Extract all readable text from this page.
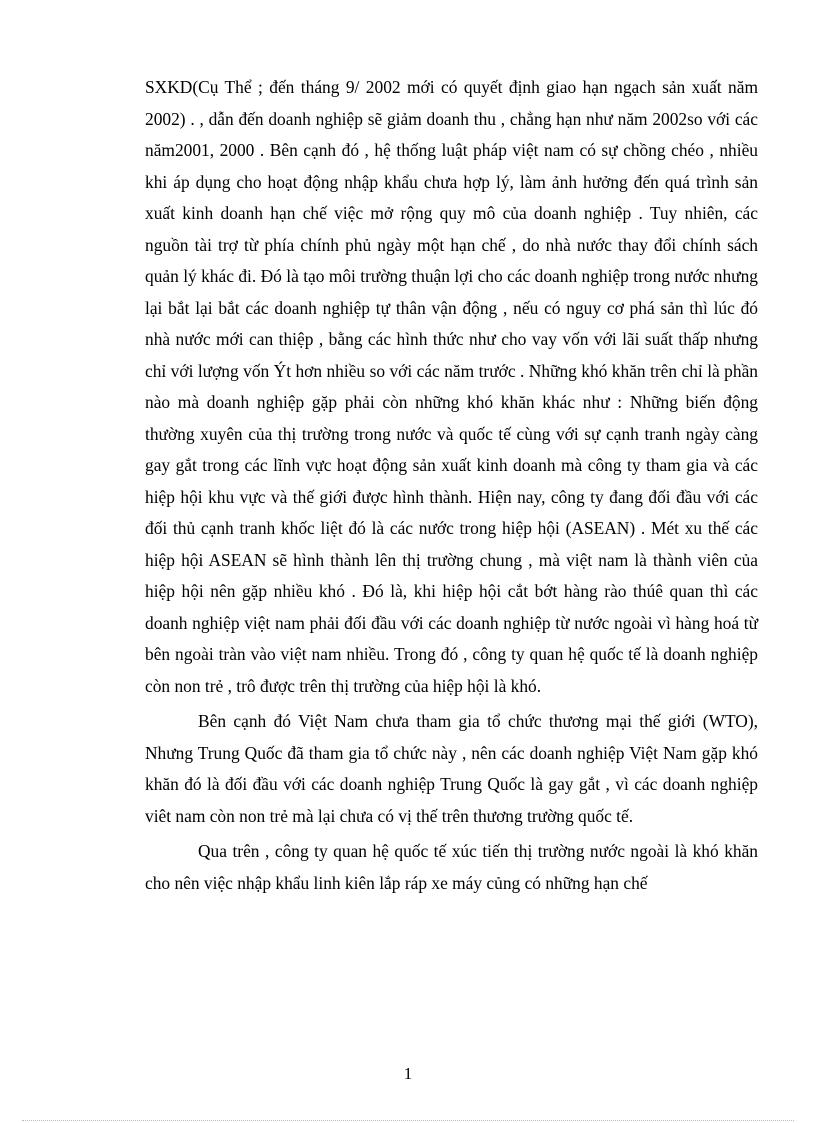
SXKD(Cụ Thể ; đến tháng 9/ 2002 mới có quyết định giao hạn ngạch sản xuất năm 2002) . , dẫn đến doanh nghiệp sẽ giảm doanh thu , chẳng hạn như năm 2002so với các năm2001, 2000 . Bên cạnh đó , hệ thống luật pháp việt nam có sự chồng chéo , nhiều khi áp dụng cho hoạt động nhập khẩu chưa hợp lý, làm ảnh hưởng đến quá trình sản xuất kinh doanh hạn chế việc mở rộng quy mô của doanh nghiệp . Tuy nhiên, các nguồn tài trợ từ phía chính phủ ngày một hạn chế , do nhà nước thay đổi chính sách quản lý khác đi. Đó là tạo môi trường thuận lợi cho các doanh nghiệp trong nước nhưng lại bắt lại bắt các doanh nghiệp tự thân vận động , nếu có nguy cơ phá sản thì lúc đó nhà nước mới can thiệp , bằng các hình thức như cho vay vốn với lãi suất thấp nhưng chỉ với lượng vốn Ýt hơn nhiều so với các năm trước . Những khó khăn trên chỉ là phần nào mà doanh nghiệp gặp phải còn những khó khăn khác như : Những biến động thường xuyên của thị trường trong nước và quốc tế cùng với sự cạnh tranh ngày càng gay gắt trong các lĩnh vực hoạt động sản xuất kinh doanh mà công ty tham gia và các hiệp hội khu vực và thế giới được hình thành. Hiện nay, công ty đang đối đầu với các đối thủ cạnh tranh khốc liệt đó là các nước trong hiệp hội (ASEAN) . Mét xu thế các hiệp hội ASEAN sẽ hình thành lên thị trường chung , mà việt nam là thành viên của hiệp hội nên gặp nhiều khó . Đó là, khi hiệp hội cắt bớt hàng rào thúê quan thì các doanh nghiệp việt nam phải đối đầu với các doanh nghiệp từ nước ngoài vì hàng hoá từ bên ngoài tràn vào việt nam nhiều. Trong đó , công ty quan hệ quốc tế là doanh nghiệp còn non trẻ , trô được trên thị trường của hiệp hội là khó.

Bên cạnh đó Việt Nam chưa tham gia tổ chức thương mại thế giới (WTO), Nhưng Trung Quốc đã tham gia tổ chức này , nên các doanh nghiệp Việt Nam gặp khó khăn đó là đối đầu với các doanh nghiệp Trung Quốc là gay gắt , vì các doanh nghiệp viêt nam còn non trẻ mà lại chưa có vị thế trên thương trường quốc tế.

Qua trên , công ty quan hệ quốc tế xúc tiến thị trường nước ngoài là khó khăn cho nên việc nhập khẩu linh kiên lắp ráp xe máy củng có những hạn chế

1
